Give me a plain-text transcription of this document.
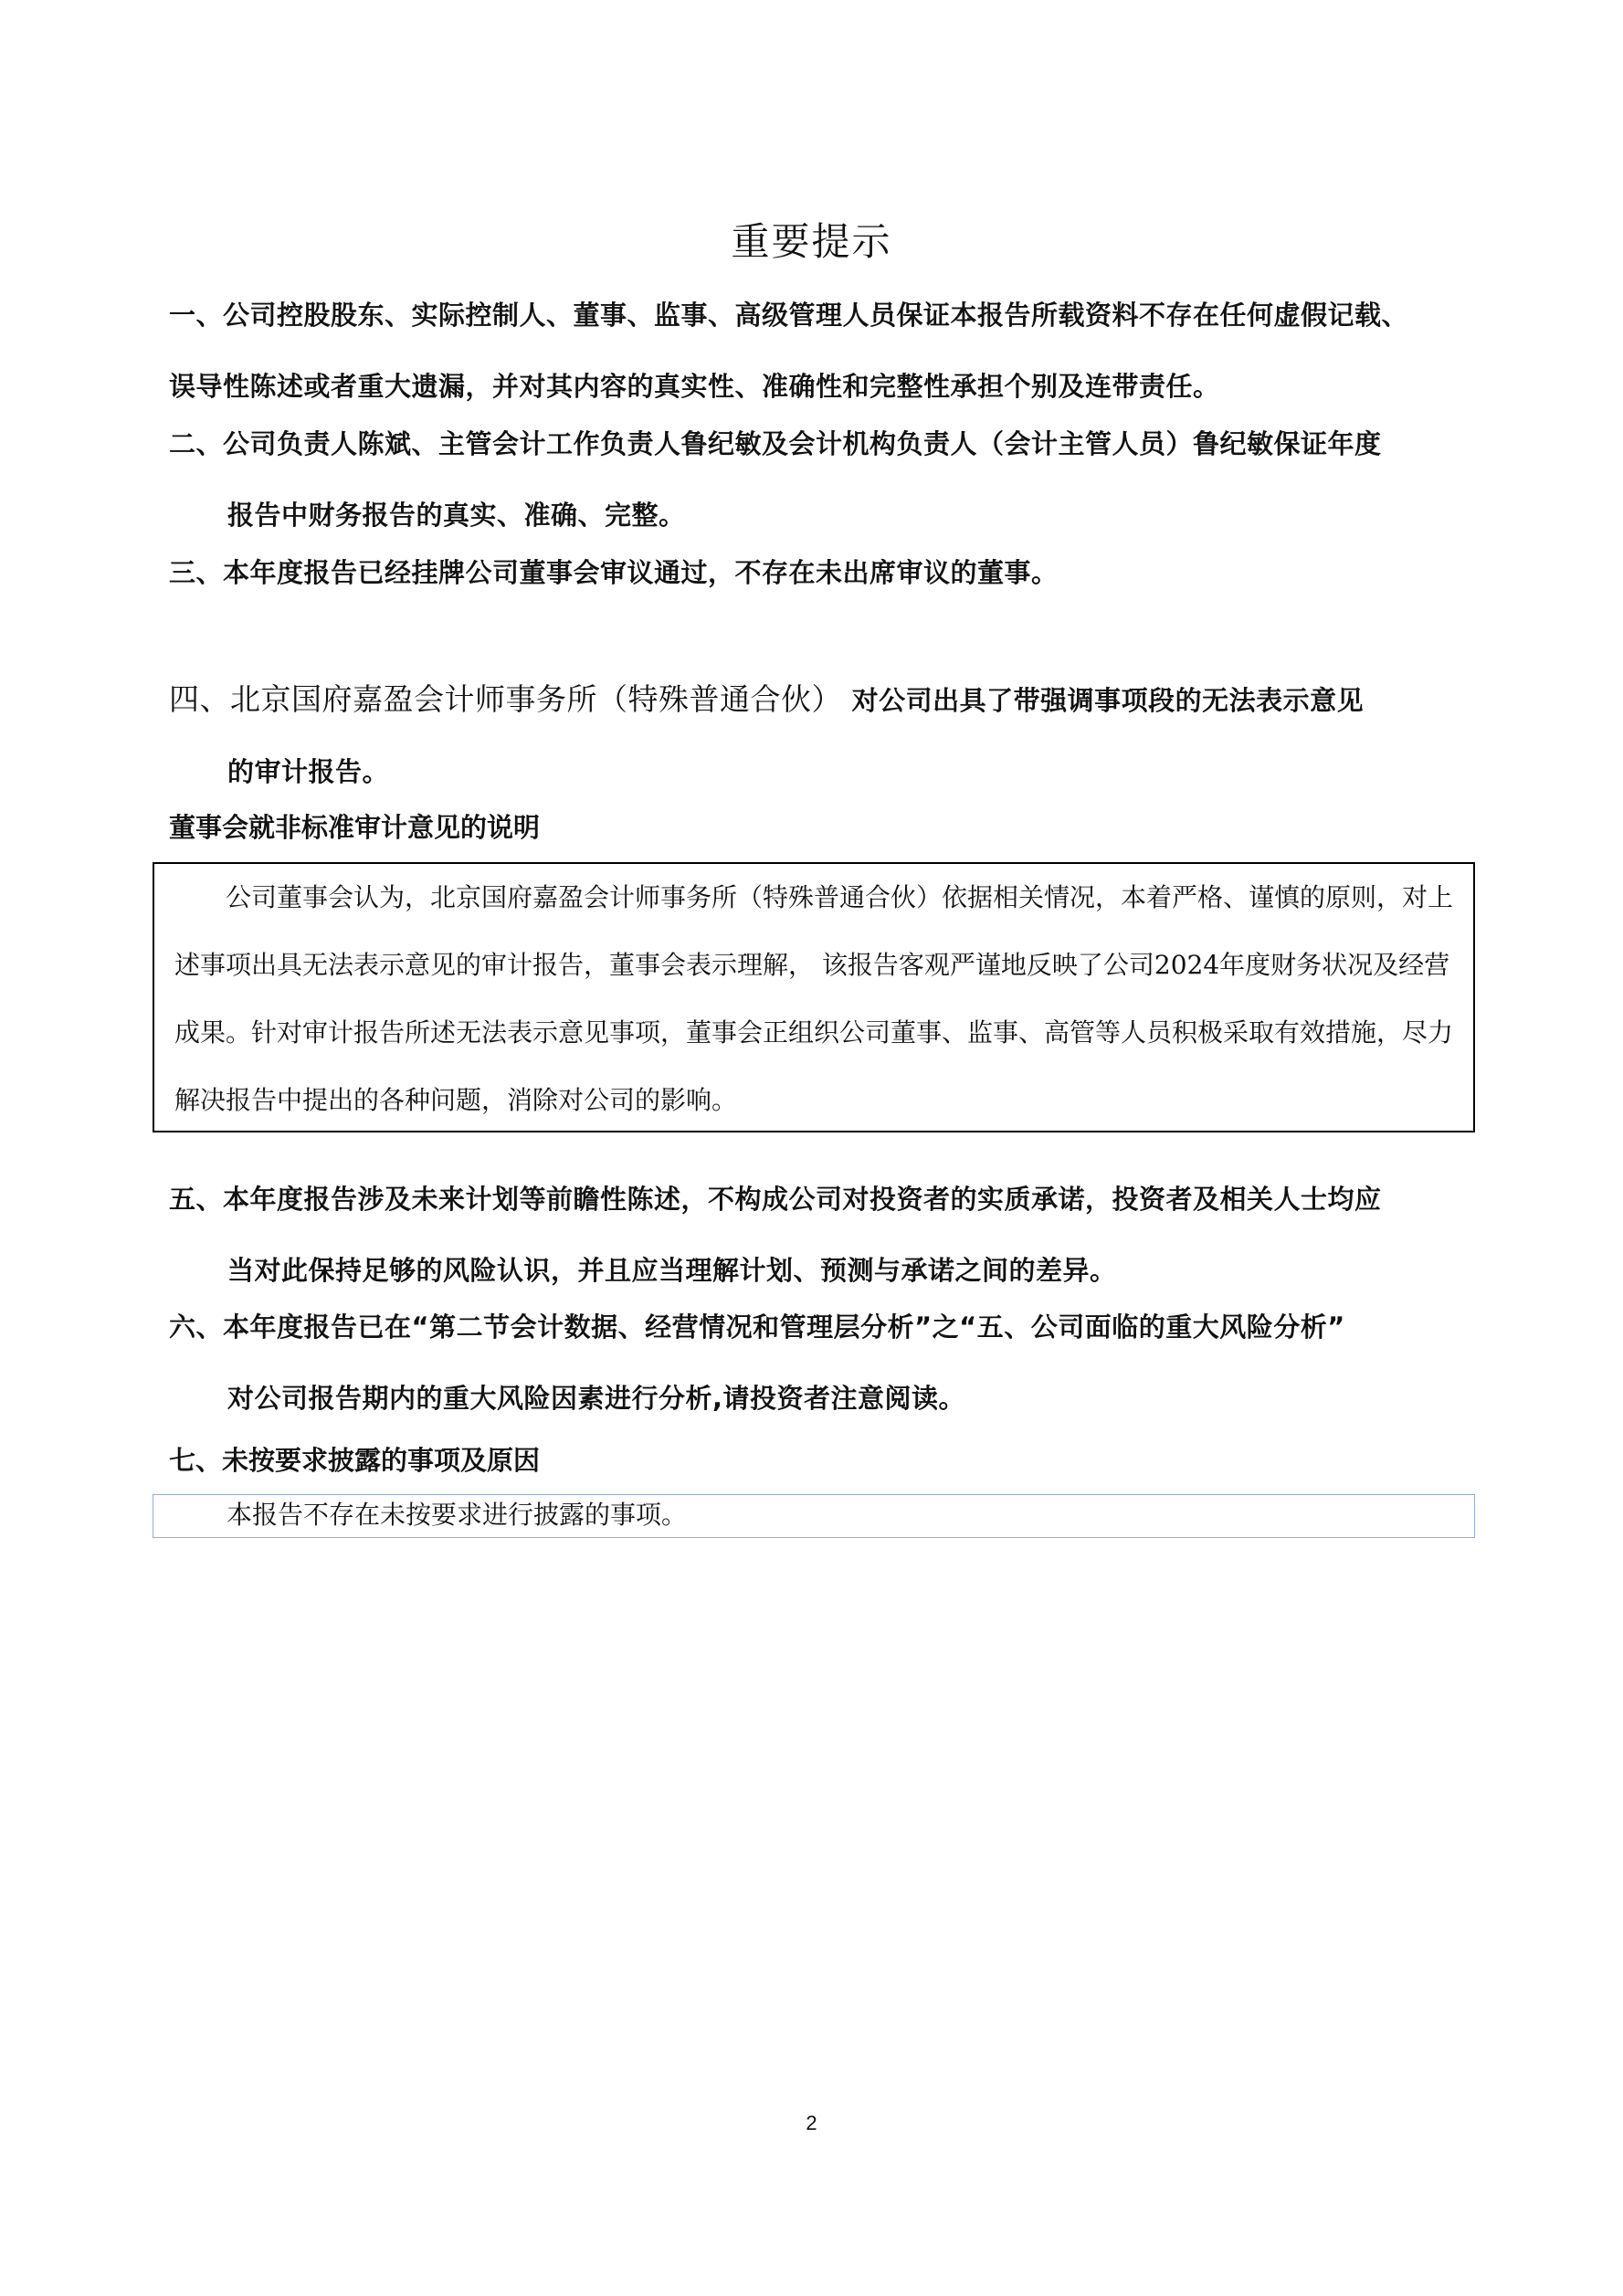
重要提示
一、公司控股股东、实际控制人、董事、监事、高级管理人员保证本报告所载资料不存在任何虚假记载、
误导性陈述或者重大遗漏，并对其内容的真实性、准确性和完整性承担个别及连带责任。
二、公司负责人陈斌、主管会计工作负责人鲁纪敏及会计机构负责人（会计主管人员）鲁纪敏保证年度
报告中财务报告的真实、准确、完整。
三、本年度报告已经挂牌公司董事会审议通过，不存在未出席审议的董事。
四、北京国府嘉盈会计师事务所（特殊普通合伙） 对公司出具了带强调事项段的无法表示意见
的审计报告。
董事会就非标准审计意见的说明

公司董事会认为，北京国府嘉盈会计师事务所（特殊普通合伙）依据相关情况，本着严格、谨慎的原则，对上述事项出具无法表示意见的审计报告，董事会表示理解， 该报告客观严谨地反映了公司2024年度财务状况及经营成果。针对审计报告所述无法表示意见事项，董事会正组织公司董事、监事、高管等人员积极采取有效措施，尽力解决报告中提出的各种问题，消除对公司的影响。

五、本年度报告涉及未来计划等前瞻性陈述，不构成公司对投资者的实质承诺，投资者及相关人士均应
当对此保持足够的风险认识，并且应当理解计划、预测与承诺之间的差异。
六、本年度报告已在“第二节会计数据、经营情况和管理层分析”之“五、公司面临的重大风险分析”
对公司报告期内的重大风险因素进行分析,请投资者注意阅读。
七、未按要求披露的事项及原因
本报告不存在未按要求进行披露的事项。
2
